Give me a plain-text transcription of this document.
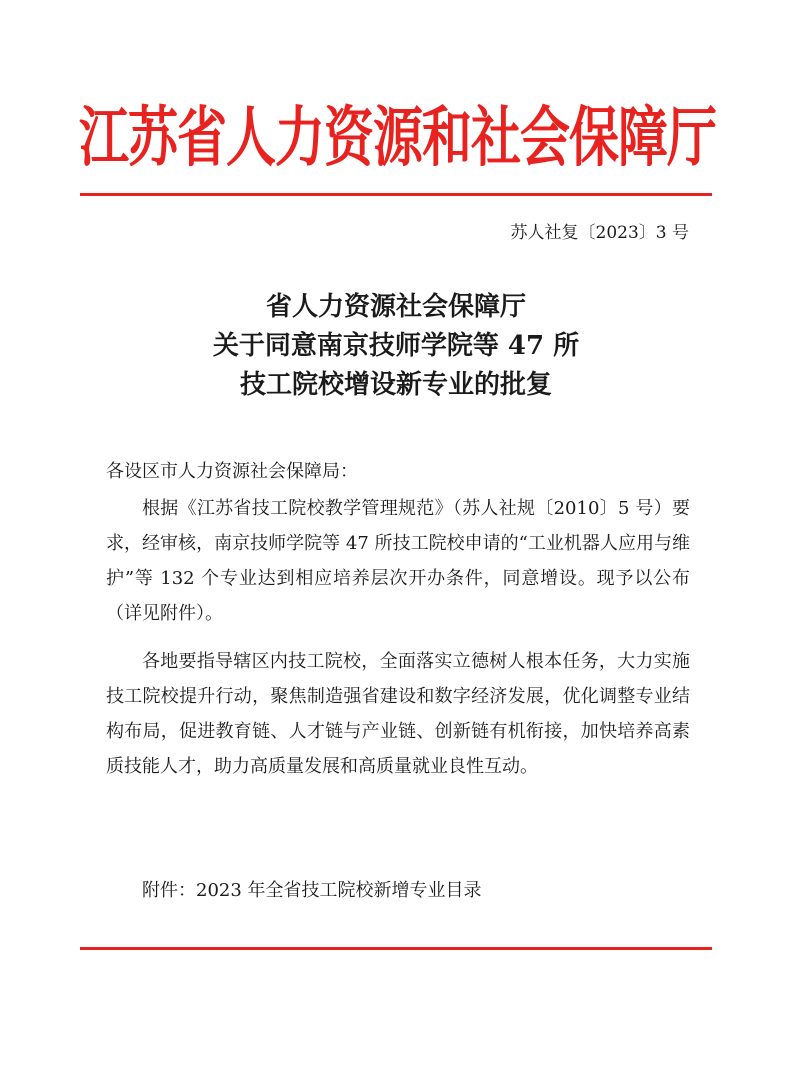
江苏省人力资源和社会保障厅
苏人社复〔2023〕3 号
省人力资源社会保障厅
关于同意南京技师学院等 47 所
技工院校增设新专业的批复
各设区市人力资源社会保障局：

根据《江苏省技工院校教学管理规范》（苏人社规〔2010〕5 号）要求，经审核，南京技师学院等 47 所技工院校申请的“工业机器人应用与维护”等 132 个专业达到相应培养层次开办条件，同意增设。现予以公布（详见附件）。

各地要指导辖区内技工院校，全面落实立德树人根本任务，大力实施技工院校提升行动，聚焦制造强省建设和数字经济发展，优化调整专业结构布局，促进教育链、人才链与产业链、创新链有机衔接，加快培养高素质技能人才，助力高质量发展和高质量就业良性互动。

附件：2023 年全省技工院校新增专业目录
